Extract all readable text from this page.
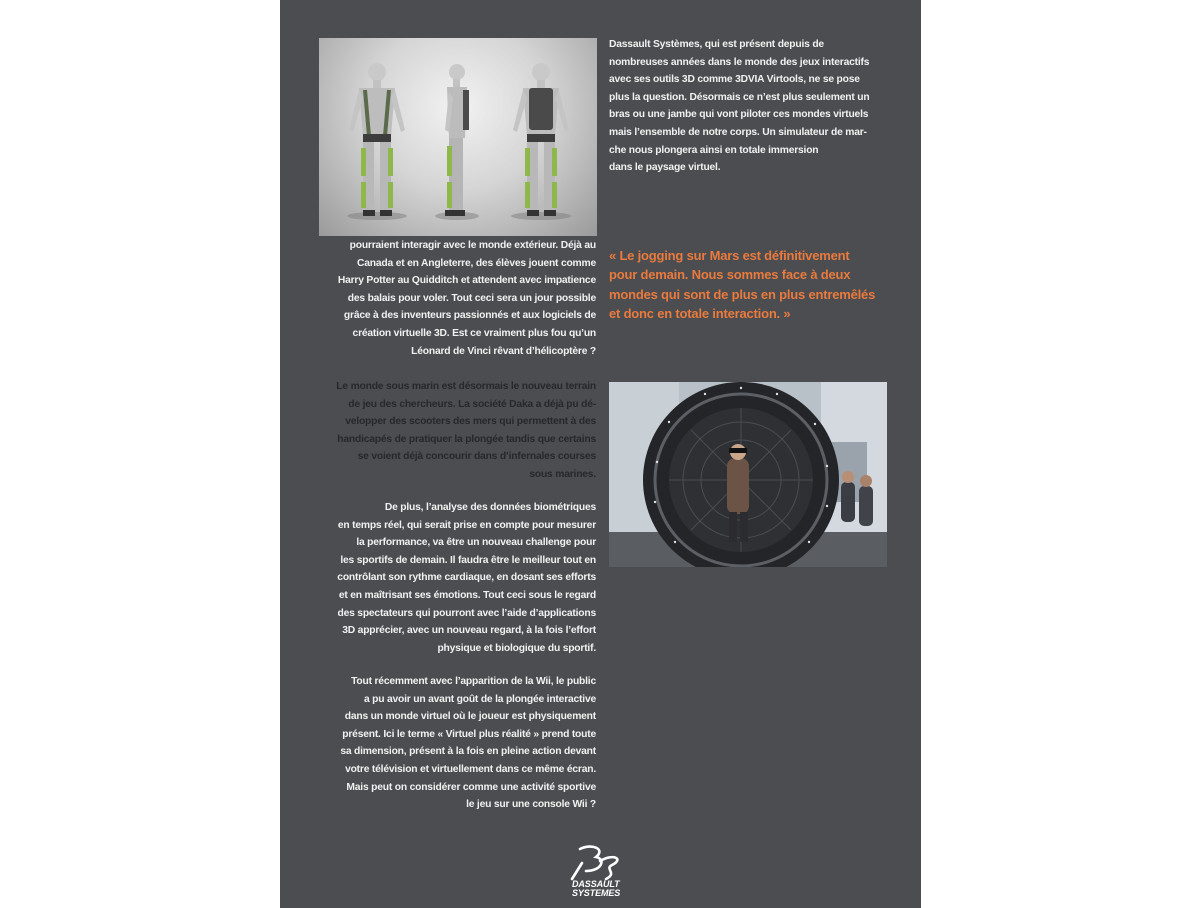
Dassault Systèmes, qui est présent depuis de
nombreuses années dans le monde des jeux interactifs
avec ses outils 3D comme 3DVIA Virtools, ne se pose
plus la question. Désormais ce n’est plus seulement un
bras ou une jambe qui vont piloter ces mondes virtuels
mais l’ensemble de notre corps. Un simulateur de mar-
che nous plongera ainsi en totale immersion
dans le paysage virtuel.
« Le jogging sur Mars est définitivement
pour demain. Nous sommes face à deux
mondes qui sont de plus en plus entremêlés
et donc en totale interaction. »
pourraient interagir avec le monde extérieur. Déjà au
Canada et en Angleterre, des élèves jouent comme
Harry Potter au Quidditch et attendent avec impatience
des balais pour voler. Tout ceci sera un jour possible
grâce à des inventeurs passionnés et aux logiciels de
création virtuelle 3D. Est ce vraiment plus fou qu’un
Léonard de Vinci rêvant d’hélicoptère ?
Le monde sous marin est désormais le nouveau terrain
de jeu des chercheurs. La société Daka a déjà pu dé-
velopper des scooters des mers qui permettent à des
handicapés de pratiquer la plongée tandis que certains
se voient déjà concourir dans d’infernales courses
sous marines.
De plus, l’analyse des données biométriques
en temps réel, qui serait prise en compte pour mesurer
la performance, va être un nouveau challenge pour
les sportifs de demain. Il faudra être le meilleur tout en
contrôlant son rythme cardiaque, en dosant ses efforts
et en maîtrisant ses émotions. Tout ceci sous le regard
des spectateurs qui pourront avec l’aide d’applications
3D apprécier, avec un nouveau regard, à la fois l’effort
physique et biologique du sportif.
Tout récemment avec l’apparition de la Wii, le public
a pu avoir un avant goût de la plongée interactive
dans un monde virtuel où le joueur est physiquement
présent. Ici le terme « Virtuel plus réalité » prend toute
sa dimension, présent à la fois en pleine action devant
votre télévision et virtuellement dans ce même écran.
Mais peut on considérer comme une activité sportive
le jeu sur une console Wii ?
DASSAULT
SYSTEMES
